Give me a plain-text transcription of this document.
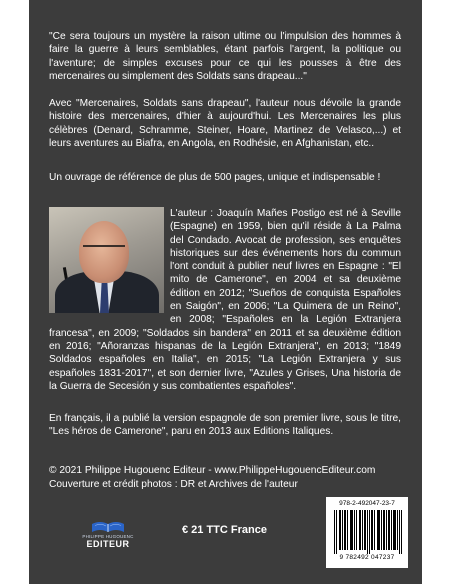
"Ce sera toujours un mystère la raison ultime ou l'impulsion des hommes à faire la guerre à leurs semblables, étant parfois l'argent, la politique ou l'aventure; de simples excuses pour ce qui les pousses à être des mercenaires ou simplement des Soldats sans drapeau..."

Avec "Mercenaires, Soldats sans drapeau", l'auteur nous dévoile la grande histoire des mercenaires, d'hier à aujourd'hui. Les Mercenaires les plus célèbres (Denard, Schramme, Steiner, Hoare, Martinez de Velasco,...) et leurs aventures au Biafra, en Angola, en Rodhésie, en Afghanistan, etc..

Un ouvrage de référence de plus de 500 pages, unique et indispensable !

L'auteur : Joaquín Mañes Postigo est né à Seville (Espagne) en 1959, bien qu'il réside à La Palma del Condado. Avocat de profession, ses enquêtes historiques sur des événements hors du commun l'ont conduit à publier neuf livres en Espagne : "El mito de Camerone", en 2004 et sa deuxième édition en 2012; "Sueños de conquista Españoles en Saigón", en 2006; "La Quimera de un Reino", en 2008; "Españoles en la Legión Extranjera francesa", en 2009; "Soldados sin bandera" en 2011 et sa deuxième édition en 2016; "Añoranzas hispanas de la Legión Extranjera", en 2013; "1849 Soldados españoles en Italia", en 2015; "La Legión Extranjera y sus españoles 1831-2017", et son dernier livre, "Azules y Grises, Una historia de la Guerra de Secesión y sus combatientes españoles".

En français, il a publié la version espagnole de son premier livre, sous le titre, "Les héros de Camerone", paru en 2013 aux Editions Italiques.

© 2021 Philippe Hugouenc Editeur - www.PhilippeHugouencEditeur.com
Couverture et crédit photos : DR et Archives de l'auteur
PHILIPPE HUGOUENC
EDITEUR
€ 21 TTC France
978-2-492047-23-7
9 782492 047237
